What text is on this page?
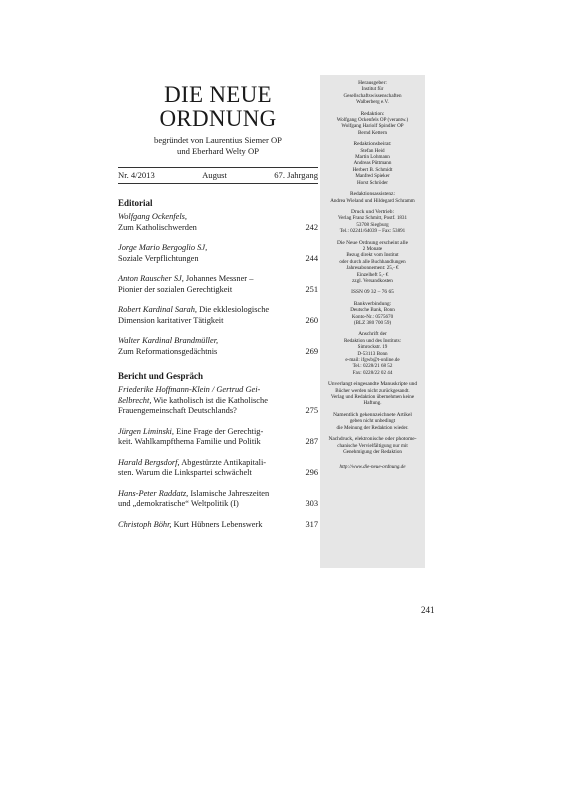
DIE NEUE
ORDNUNG
begründet von Laurentius Siemer OP
und Eberhard Welty OP
Nr. 4/2013	August	67. Jahrgang
Editorial
Wolfgang Ockenfels,
Zum Katholischwerden	242
Jorge Mario Bergoglio SJ,
Soziale Verpflichtungen	244
Anton Rauscher SJ, Johannes Messner –
Pionier der sozialen Gerechtigkeit	251
Robert Kardinal Sarah, Die ekklesiologische
Dimension karitativer Tätigkeit	260
Walter Kardinal Brandmüller,
Zum Reformationsgedächtnis	269
Bericht und Gespräch
Friederike Hoffmann-Klein / Gertrud Gei-
ßelbrecht, Wie katholisch ist die Katholische
Frauengemeinschaft Deutschlands?	275
Jürgen Liminski, Eine Frage der Gerechtig-
keit. Wahlkampfthema Familie und Politik	287
Harald Bergsdorf, Abgestürzte Antikapitali-
sten. Warum die Linkspartei schwächelt	296
Hans-Peter Raddatz, Islamische Jahreszeiten
und „demokratische“ Weltpolitik (I)	303
Christoph Böhr, Kurt Hübners Lebenswerk	317
Herausgeber:
Institut für
Gesellschaftswissenschaften
Walberberg e.V.
Redaktion:
Wolfgang Ockenfels OP (verantw.)
Wolfgang Hariolf Spindler OP
Bernd Kettern
Redaktionsbeirat:
Stefan Heid
Martin Lohmann
Andreas Püttmann
Herbert B. Schmidt
Manfred Spieker
Horst Schröder
Redaktionsassistenz:
Andrea Wieland und Hildegard Schramm
Druck und Vertrieb:
Verlag Franz Schmitt, Postf. 1831
53708 Siegburg
Tel.: 02241/64039 – Fax: 53891
Die Neue Ordnung erscheint alle
2 Monate
Bezug direkt vom Institut
oder durch alle Buchhandlungen
Jahresabonnement: 25,- €
Einzelheft 5,- €
zzgl. Versandkosten
ISSN 09 32 – 76 65
Bankverbindung:
Deutsche Bank, Bonn
Konto-Nr.: 0575670
(BLZ 380 700 59)
Anschrift der
Redaktion und des Instituts:
Simrockstr. 19
D-53113 Bonn
e-mail: ifgwb@t-online.de
Tel.: 0228/21 68 52
Fax: 0228/22 02 44
Unverlangt eingesandte Manuskripte und
Bücher werden nicht zurückgesandt.
Verlag und Redaktion übernehmen keine
Haftung.
Namentlich gekennzeichnete Artikel
geben nicht unbedingt
die Meinung der Redaktion wieder.
Nachdruck, elektronische oder photome-
chanische Vervielfältigung nur mit
Genehmigung der Redaktion
http://www.die-neue-ordnung.de
241
